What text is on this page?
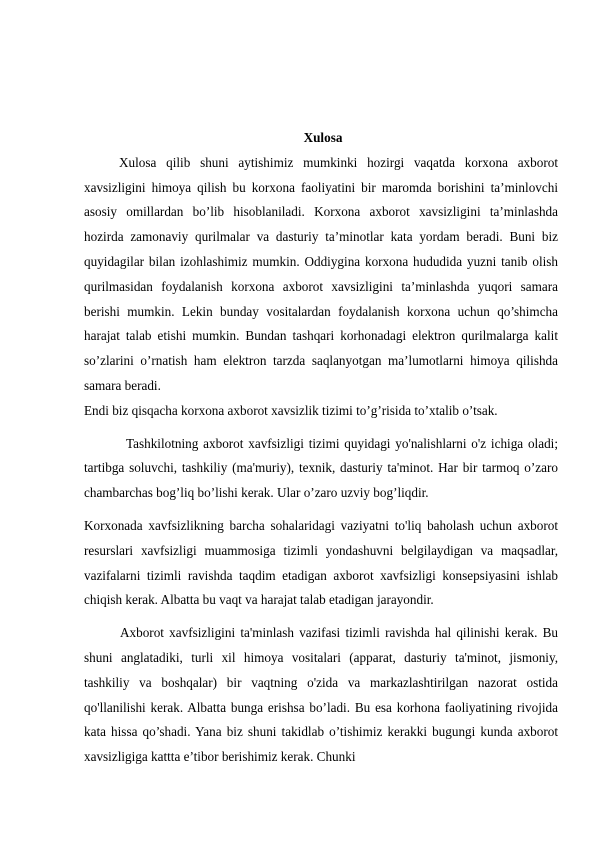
Xulosa

Xulosa qilib shuni aytishimiz mumkinki hozirgi vaqatda korxona axborot xavsizligini himoya qilish bu korxona faoliyatini bir maromda borishini ta’minlovchi asosiy omillardan bo’lib hisoblaniladi. Korxona axborot xavsizligini ta’minlashda hozirda zamonaviy qurilmalar va dasturiy ta’minotlar kata yordam beradi. Buni biz quyidagilar bilan izohlashimiz mumkin. Oddiygina korxona hududida yuzni tanib olish qurilmasidan foydalanish korxona axborot xavsizligini ta’minlashda yuqori samara berishi mumkin. Lekin bunday vositalardan foydalanish korxona uchun qo’shimcha harajat talab etishi mumkin. Bundan tashqari korhonadagi elektron qurilmalarga kalit so’zlarini o’rnatish ham elektron tarzda saqlanyotgan ma’lumotlarni himoya qilishda samara beradi.

Endi biz qisqacha korxona axborot xavsizlik tizimi to’g’risida to’xtalib o’tsak.

Tashkilotning axborot xavfsizligi tizimi quyidagi yo'nalishlarni o'z ichiga oladi; tartibga soluvchi, tashkiliy (ma'muriy), texnik, dasturiy ta'minot. Har bir tarmoq o’zaro chambarchas bog’liq bo’lishi kerak. Ular o’zaro uzviy bog’liqdir.

Korxonada xavfsizlikning barcha sohalaridagi vaziyatni to'liq baholash uchun axborot resurslari xavfsizligi muammosiga tizimli yondashuvni belgilaydigan va maqsadlar, vazifalarni tizimli ravishda taqdim etadigan axborot xavfsizligi konsepsiyasini ishlab chiqish kerak. Albatta bu vaqt va harajat talab etadigan jarayondir.

Axborot xavfsizligini ta'minlash vazifasi tizimli ravishda hal qilinishi kerak. Bu shuni anglatadiki, turli xil himoya vositalari (apparat, dasturiy ta'minot, jismoniy, tashkiliy va boshqalar) bir vaqtning o'zida va markazlashtirilgan nazorat ostida qo'llanilishi kerak. Albatta bunga erishsa bo’ladi. Bu esa korhona faoliyatining rivojida kata hissa qo’shadi. Yana biz shuni takidlab o’tishimiz kerakki bugungi kunda axborot xavsizligiga kattta e’tibor berishimiz kerak. Chunki
